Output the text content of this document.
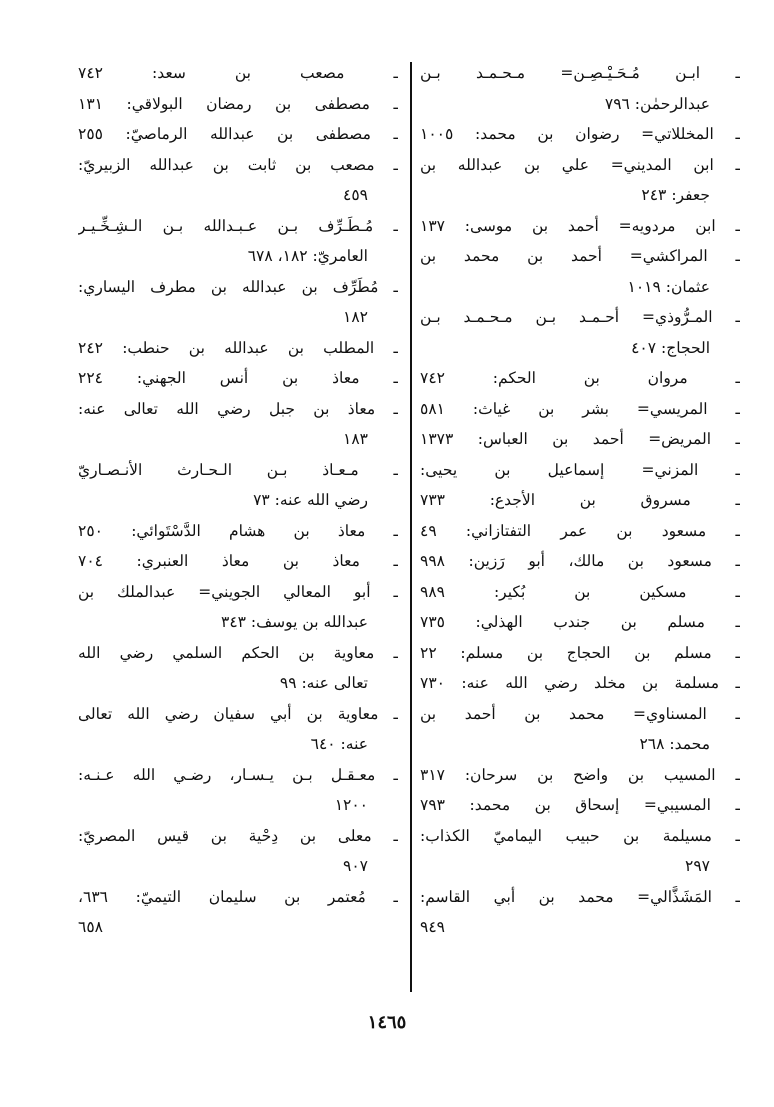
ـ ابـن مُـحَـيْـصِـن= مـحـمـد بـن
عبدالرحمٰن: ٧٩٦
ـ المخللاتي= رضوان بن محمد: ١٠٠٥
ـ ابن المديني= علي بن عبدالله بن
جعفر: ٢٤٣
ـ ابن مردويه= أحمد بن موسى: ١٣٧
ـ المراكشي= أحمد بن محمد بن
عثمان: ١٠١٩
ـ المـرُّوذي= أحـمـد بـن مـحـمـد بـن
الحجاج: ٤٠٧
ـ مروان بن الحكم: ٧٤٢
ـ المريسي= بشر بن غياث: ٥٨١
ـ المريض= أحمد بن العباس: ١٣٧٣
ـ المزني= إسماعيل بن يحيى:
ـ مسروق بن الأجدع: ٧٣٣
ـ مسعود بن عمر التفتازاني: ٤٩
ـ مسعود بن مالك، أبو رَزين: ٩٩٨
ـ مسكين بن بُكير: ٩٨٩
ـ مسلم بن جندب الهذلي: ٧٣٥
ـ مسلم بن الحجاج بن مسلم: ٢٢
ـ مسلمة بن مخلد رضي الله عنه: ٧٣٠
ـ المسناوي= محمد بن أحمد بن
محمد: ٢٦٨
ـ المسيب بن واضح بن سرحان: ٣١٧
ـ المسيبي= إسحاق بن محمد: ٧٩٣
ـ مسيلمة بن حبيب اليماميّ الكذاب:
٢٩٧
ـ المَشَذَّالي= محمد بن أبي القاسم:
٩٤٩
ـ مصعب بن سعد: ٧٤٢
ـ مصطفى بن رمضان البولاقي: ١٣١
ـ مصطفى بن عبدالله الرماصيّ: ٢٥٥
ـ مصعب بن ثابت بن عبدالله الزبيريّ:
٤٥٩
ـ مُـطَـرِّف بـن عـبـدالله بـن الـشِـخِّـيـر
العامريّ: ١٨٢، ٦٧٨
ـ مُطَرِّف بن عبدالله بن مطرف اليساري:
١٨٢
ـ المطلب بن عبدالله بن حنطب: ٢٤٢
ـ معاذ بن أنس الجهني: ٢٢٤
ـ معاذ بن جبل رضي الله تعالى عنه:
١٨٣
ـ مـعـاذ بـن الـحـارث الأنـصـاريّ
رضي الله عنه: ٧٣
ـ معاذ بن هشام الدَّسْتَوائي: ٢٥٠
ـ معاذ بن معاذ العنبري: ٧٠٤
ـ أبو المعالي الجويني= عبدالملك بن
عبدالله بن يوسف: ٣٤٣
ـ معاوية بن الحكم السلمي رضي الله
تعالى عنه: ٩٩
ـ معاوية بن أبي سفيان رضي الله تعالى
عنه: ٦٤٠
ـ معـقـل بـن يـسـار، رضـي الله عـنـه:
١٢٠٠
ـ معلى بن دِحْية بن قيس المصريّ:
٩٠٧
ـ مُعتمر بن سليمان التيميّ: ٦٣٦،
٦٥٨
١٤٦٥
